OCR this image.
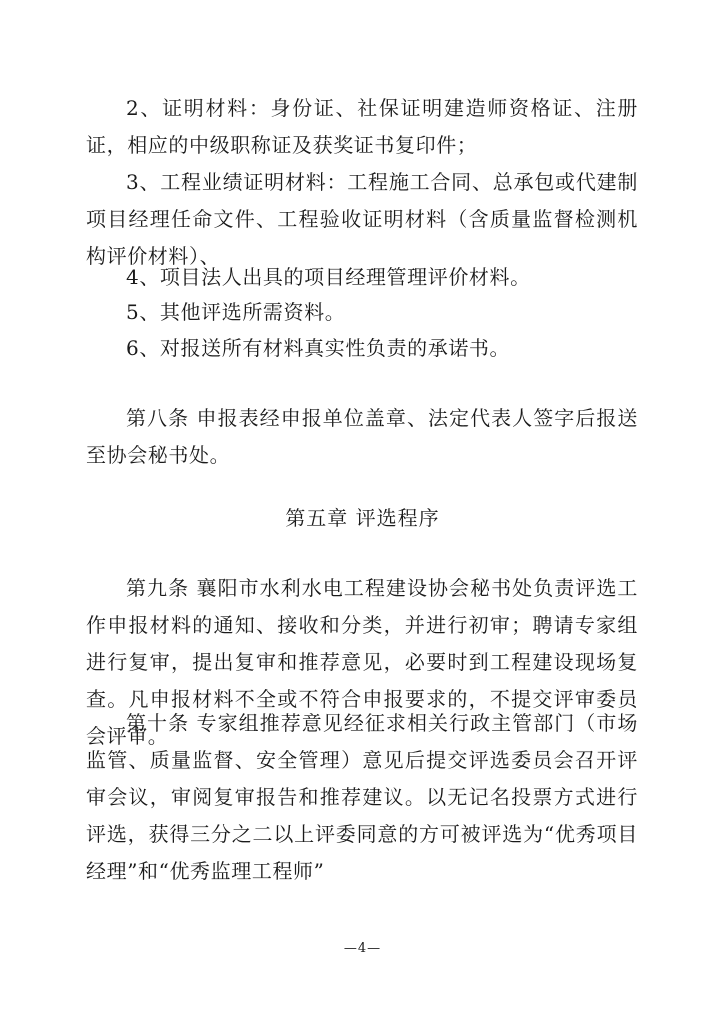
2、证明材料：身份证、社保证明建造师资格证、注册证，相应的中级职称证及获奖证书复印件；

3、工程业绩证明材料：工程施工合同、总承包或代建制项目经理任命文件、工程验收证明材料（含质量监督检测机构评价材料）、

4、项目法人出具的项目经理管理评价材料。

5、其他评选所需资料。

6、对报送所有材料真实性负责的承诺书。

第八条 申报表经申报单位盖章、法定代表人签字后报送至协会秘书处。

第五章 评选程序

第九条 襄阳市水利水电工程建设协会秘书处负责评选工作申报材料的通知、接收和分类，并进行初审；聘请专家组进行复审，提出复审和推荐意见，必要时到工程建设现场复查。凡申报材料不全或不符合申报要求的，不提交评审委员会评审。

第十条 专家组推荐意见经征求相关行政主管部门（市场监管、质量监督、安全管理）意见后提交评选委员会召开评审会议，审阅复审报告和推荐建议。以无记名投票方式进行评选，获得三分之二以上评委同意的方可被评选为“优秀项目经理”和“优秀监理工程师”

—4—
